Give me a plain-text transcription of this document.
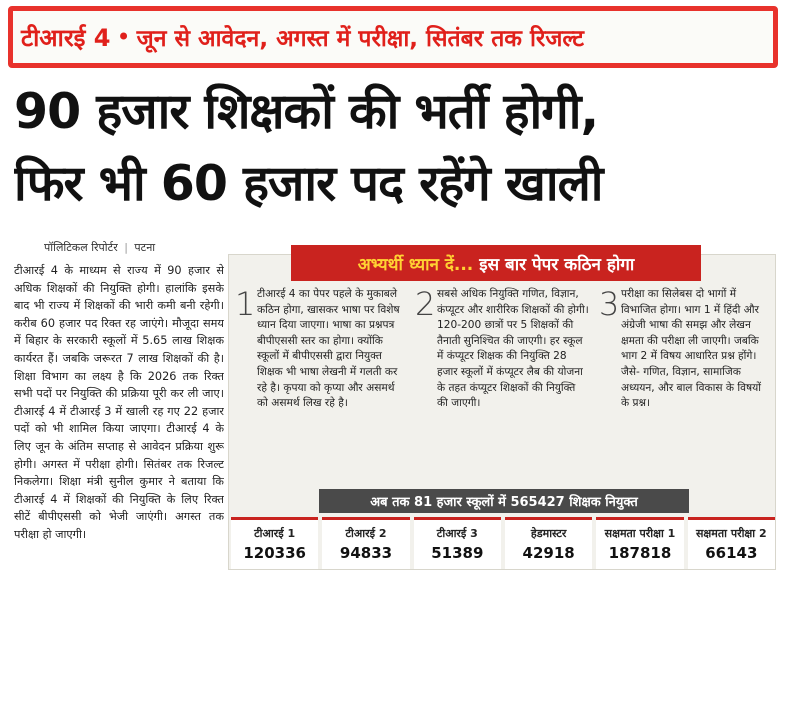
टीआरई 4 • जून से आवेदन, अगस्त में परीक्षा, सितंबर तक रिजल्ट
90 हजार शिक्षकों की भर्ती होगी,
फिर भी 60 हजार पद रहेंगे खाली
पॉलिटिकल रिपोर्टर | पटना
टीआरई 4 के माध्यम से राज्य में 90 हजार से अधिक शिक्षकों की नियुक्ति होगी। हालांकि इसके बाद भी राज्य में शिक्षकों की भारी कमी बनी रहेगी। करीब 60 हजार पद रिक्त रह जाएंगे। मौजूदा समय में बिहार के सरकारी स्कूलों में 5.65 लाख शिक्षक कार्यरत हैं। जबकि जरूरत 7 लाख शिक्षकों की है। शिक्षा विभाग का लक्ष्य है कि 2026 तक रिक्त सभी पदों पर नियुक्ति की प्रक्रिया पूरी कर ली जाए। टीआरई 4 में टीआरई 3 में खाली रह गए 22 हजार पदों को भी शामिल किया जाएगा। टीआरई 4 के लिए जून के अंतिम सप्ताह से आवेदन प्रक्रिया शुरू होगी। अगस्त में परीक्षा होगी। सितंबर तक रिजल्ट निकलेगा। शिक्षा मंत्री सुनील कुमार ने बताया कि टीआरई 4 में शिक्षकों की नियुक्ति के लिए रिक्त सीटें बीपीएससी को भेजी जाएंगी। अगस्त तक परीक्षा हो जाएगी।
अभ्यर्थी ध्यान दें... इस बार पेपर कठिन होगा
1 टीआरई 4 का पेपर पहले के मुकाबले कठिन होगा, खासकर भाषा पर विशेष ध्यान दिया जाएगा। भाषा का प्रश्नपत्र बीपीएससी स्तर का होगा। क्योंकि स्कूलों में बीपीएससी द्वारा नियुक्त शिक्षक भी भाषा लेखनी में गलती कर रहे है। कृपया को कृप्या और असमर्थ को असमर्थ लिख रहे है।
2 सबसे अधिक नियुक्ति गणित, विज्ञान, कंप्यूटर और शारीरिक शिक्षकों की होगी। 120-200 छात्रों पर 5 शिक्षकों की तैनाती सुनिश्चित की जाएगी। हर स्कूल में कंप्यूटर शिक्षक की नियुक्ति 28 हजार स्कूलों में कंप्यूटर लैब की योजना के तहत कंप्यूटर शिक्षकों की नियुक्ति की जाएगी।
3 परीक्षा का सिलेबस दो भागों में विभाजित होगा। भाग 1 में हिंदी और अंग्रेजी भाषा की समझ और लेखन क्षमता की परीक्षा ली जाएगी। जबकि भाग 2 में विषय आधारित प्रश्न होंगे। जैसे- गणित, विज्ञान, सामाजिक अध्ययन, और बाल विकास के विषयों के प्रश्न।
अब तक 81 हजार स्कूलों में 565427 शिक्षक नियुक्त
टीआरई 1
120336
टीआरई 2
94833
टीआरई 3
51389
हेडमास्टर
42918
सक्षमता परीक्षा 1
187818
सक्षमता परीक्षा 2
66143
